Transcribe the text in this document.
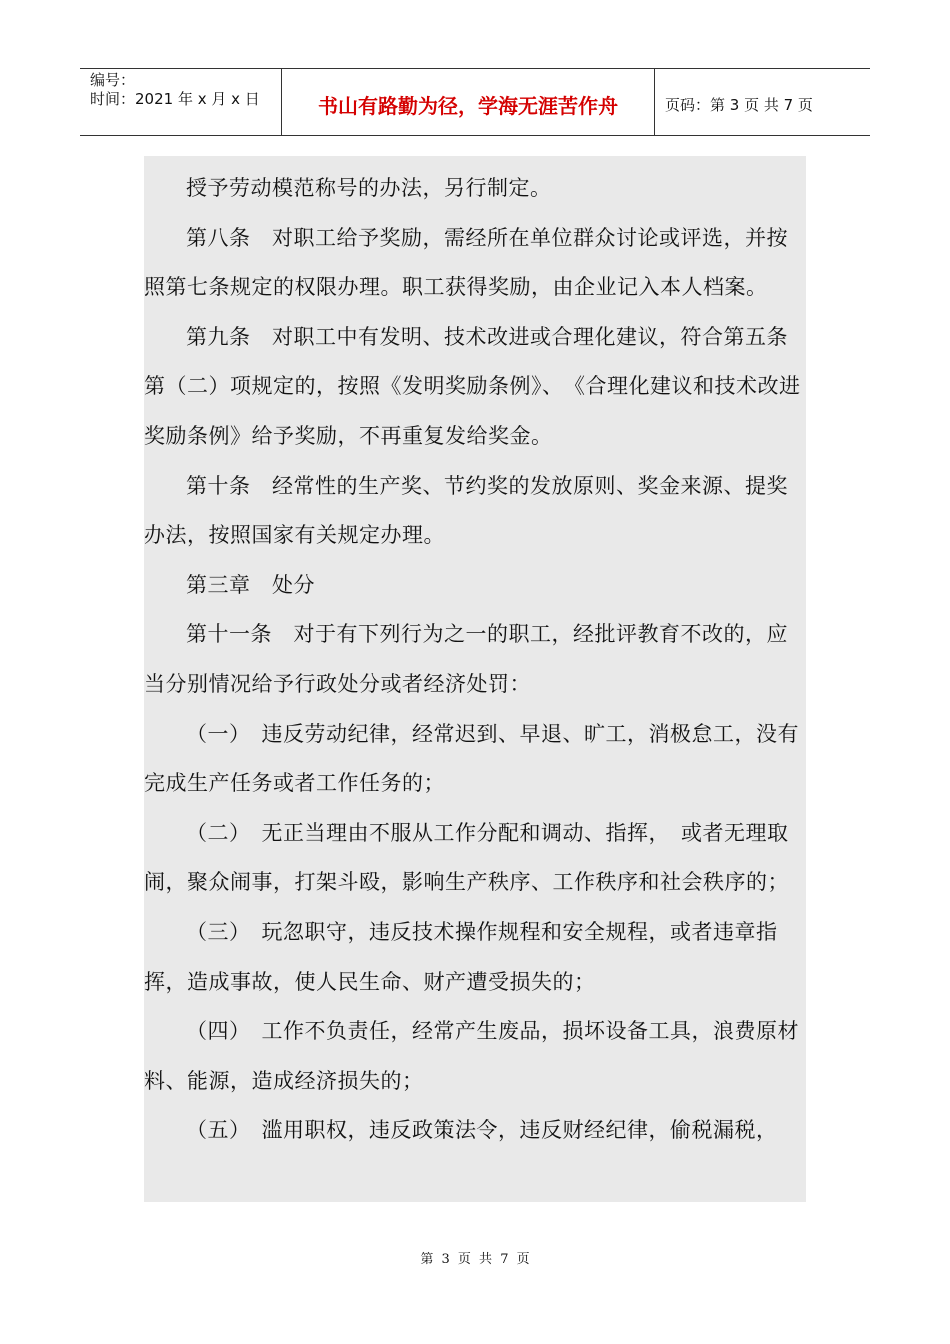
编号：
时间：2021 年 x 月 x 日	书山有路勤为径，学海无涯苦作舟	页码：第 3 页 共 7 页

授予劳动模范称号的办法，另行制定。

第八条　对职工给予奖励，需经所在单位群众讨论或评选，并按照第七条规定的权限办理。职工获得奖励，由企业记入本人档案。

第九条　对职工中有发明、技术改进或合理化建议，符合第五条第（二）项规定的，按照《发明奖励条例》、　《合理化建议和技术改进奖励条例》给予奖励，不再重复发给奖金。

第十条　经常性的生产奖、节约奖的发放原则、奖金来源、提奖办法，按照国家有关规定办理。

第三章　处分

第十一条　对于有下列行为之一的职工，经批评教育不改的，应当分别情况给予行政处分或者经济处罚：

（一）　违反劳动纪律，经常迟到、早退、旷工，消极怠工，没有完成生产任务或者工作任务的；

（二）　无正当理由不服从工作分配和调动、指挥，　或者无理取闹，聚众闹事，打架斗殴，影响生产秩序、工作秩序和社会秩序的；

（三）　玩忽职守，违反技术操作规程和安全规程，或者违章指挥，造成事故，使人民生命、财产遭受损失的；

（四）　工作不负责任，经常产生废品，损坏设备工具，浪费原材料、能源，造成经济损失的；

（五）　滥用职权，违反政策法令，违反财经纪律，偷税漏税，

第 3 页 共 7 页
